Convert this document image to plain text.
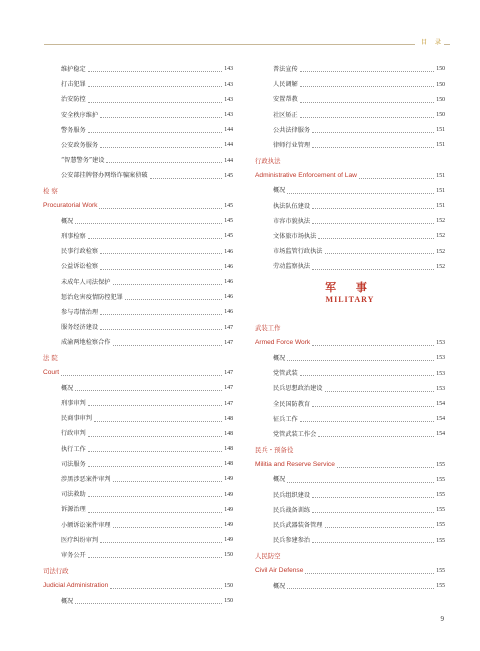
目 录
维护稳定	143
打击犯罪	143
治安防控	143
安全秩序维护	143
警务服务	144
公安政务服务	144
“智慧警务”建设	144
公安部挂牌督办网络诈骗案侦破	145
检 察
Procuratorial Work	145
概况	145
刑事检察	145
民事行政检察	146
公益诉讼检察	146
未成年人司法保护	146
惩治危害疫情防控犯罪	146
参与毒情治理	146
服务经济建设	147
成渝两地检察合作	147
法 院
Court	147
概况	147
刑事审判	147
民商事审判	148
行政审判	148
执行工作	148
司法服务	148
涉黑涉恶案件审判	149
司法救助	149
诉源治理	149
小额诉讼案件审理	149
医疗纠纷审判	149
审务公开	150
司法行政
Judicial Administration	150
概况	150
普法宣传	150
人民调解	150
安置帮教	150
社区矫正	150
公共法律服务	151
律师行业管理	151
行政执法
Administrative Enforcement of Law	151
概况	151
执法队伍建设	151
市容市貌执法	152
文体旅市场执法	152
市场监管行政执法	152
劳动监察执法	152
军 事
MILITARY
武装工作
Armed Force Work	153
概况	153
党管武装	153
民兵思想政治建设	153
全民国防教育	154
征兵工作	154
党管武装工作会	154
民兵・预备役
Militia and Reserve Service	155
概况	155
民兵组织建设	155
民兵战备训练	155
民兵武器装备管理	155
民兵参建参治	155
人民防空
Civil Air Defense	155
概况	155
9
